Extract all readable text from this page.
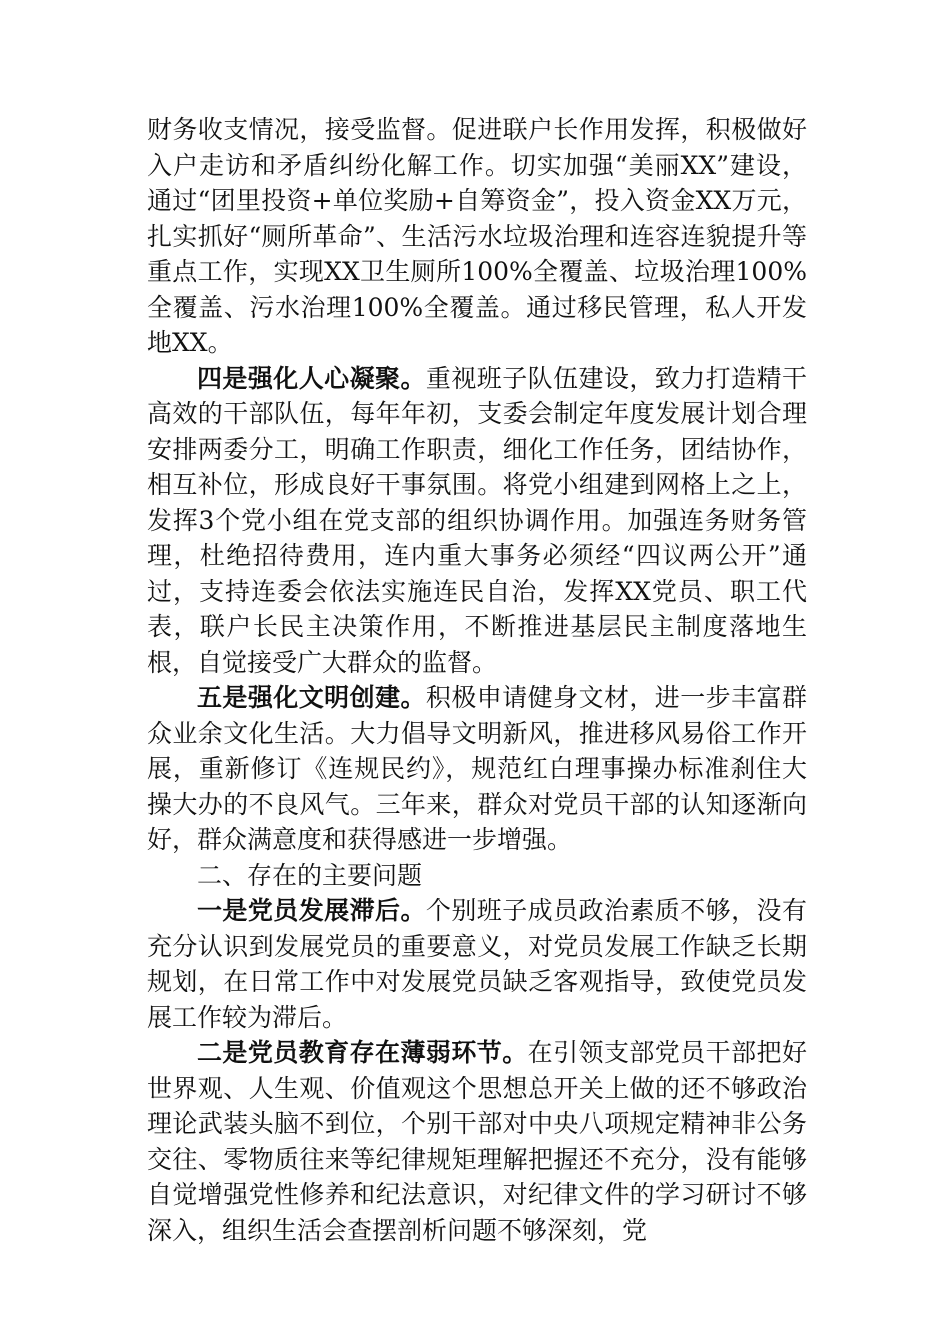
财务收支情况，接受监督。促进联户长作用发挥，积极做好入户走访和矛盾纠纷化解工作。切实加强“美丽XX”建设，通过“团里投资+单位奖励+自筹资金”，投入资金XX万元，扎实抓好“厕所革命”、生活污水垃圾治理和连容连貌提升等重点工作，实现XX卫生厕所100%全覆盖、垃圾治理100%全覆盖、污水治理100%全覆盖。通过移民管理，私人开发地XX。

四是强化人心凝聚。重视班子队伍建设，致力打造精干高效的干部队伍，每年年初，支委会制定年度发展计划合理安排两委分工，明确工作职责，细化工作任务，团结协作，相互补位，形成良好干事氛围。将党小组建到网格上之上，发挥3个党小组在党支部的组织协调作用。加强连务财务管理，杜绝招待费用，连内重大事务必须经“四议两公开”通过，支持连委会依法实施连民自治，发挥XX党员、职工代表，联户长民主决策作用，不断推进基层民主制度落地生根，自觉接受广大群众的监督。

五是强化文明创建。积极申请健身文材，进一步丰富群众业余文化生活。大力倡导文明新风，推进移风易俗工作开展，重新修订《连规民约》，规范红白理事操办标准刹住大操大办的不良风气。三年来，群众对党员干部的认知逐渐向好，群众满意度和获得感进一步增强。

二、存在的主要问题

一是党员发展滞后。个别班子成员政治素质不够，没有充分认识到发展党员的重要意义，对党员发展工作缺乏长期规划，在日常工作中对发展党员缺乏客观指导，致使党员发展工作较为滞后。

二是党员教育存在薄弱环节。在引领支部党员干部把好世界观、人生观、价值观这个思想总开关上做的还不够政治理论武装头脑不到位，个别干部对中央八项规定精神非公务交往、零物质往来等纪律规矩理解把握还不充分，没有能够自觉增强党性修养和纪法意识，对纪律文件的学习研讨不够深入，组织生活会查摆剖析问题不够深刻，党
